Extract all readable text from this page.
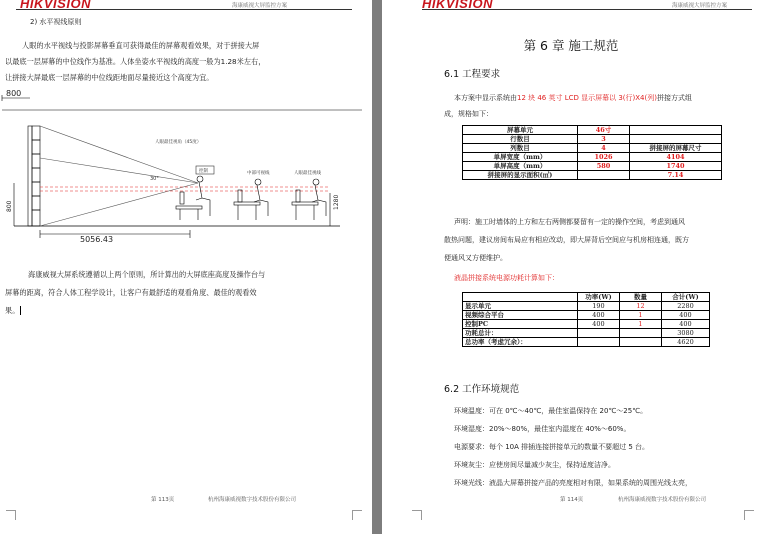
HIKVISION	海康威视大屏监控方案
2) 水平视线原则
人眼的水平视线与投影屏幕垂直可获得最佳的屏幕观看效果，对于拼接大屏
以最底一层屏幕的中位线作为基准。人体坐姿水平视线的高度一般为1.28米左右，
让拼接大屏最底一层屏幕的中位线距地面尽量接近这个高度为宜。
800
5056.43
800	1280
人眼最佳视角（45度）
中部可视线	人眼最佳视线
控制
30°
海康威视大屏系统遵循以上两个原则，所计算出的大屏底座高度及操作台与
屏幕的距离，符合人体工程学设计，让客户有最舒适的观看角度、最佳的观看效
果。
第 113页	杭州海康威视数字技术股份有限公司
HIKVISION	海康威视大屏监控方案
第 6 章 施工规范
6.1 工程要求
本方案中显示系统由12 块 46 英寸 LCD 显示屏幕以 3(行)X4(列)拼接方式组
成，规格如下：
屏幕单元	46寸	
行数目	3	
列数目	4	拼接屏的屏幕尺寸
单屏宽度（mm）	1026	4104
单屏高度（mm）	580	1740
拼接屏的显示面积(㎡)		7.14
声明：施工时墙体的上方和左右两侧都要留有一定的操作空间，考虑到通风
散热问题，建议房间布局应有相应改动，即大屏背后空间应与机房相连通，既方
便通风又方便维护。
液晶拼接系统电源功耗计算如下：
	功率(W)	数量	合计(W)
显示单元	190	12	2280
视频综合平台	400	1	400
控制PC	400	1	400
功耗总计：			3080
总功率（考虑冗余）：			4620
6.2 工作环境规范
环境温度：可在 0℃～40℃，最佳室温保持在 20℃～25℃。
环境湿度：20%～80%，最佳室内湿度在 40%～60%。
电源要求：每个 10A 排插连接拼接单元的数量不要超过 5 台。
环境灰尘：应使房间尽量减少灰尘，保持适度洁净。
环境光线：液晶大屏幕拼接产品的亮度相对有限，如果系统的周围光线太亮，
第 114页	杭州海康威视数字技术股份有限公司
